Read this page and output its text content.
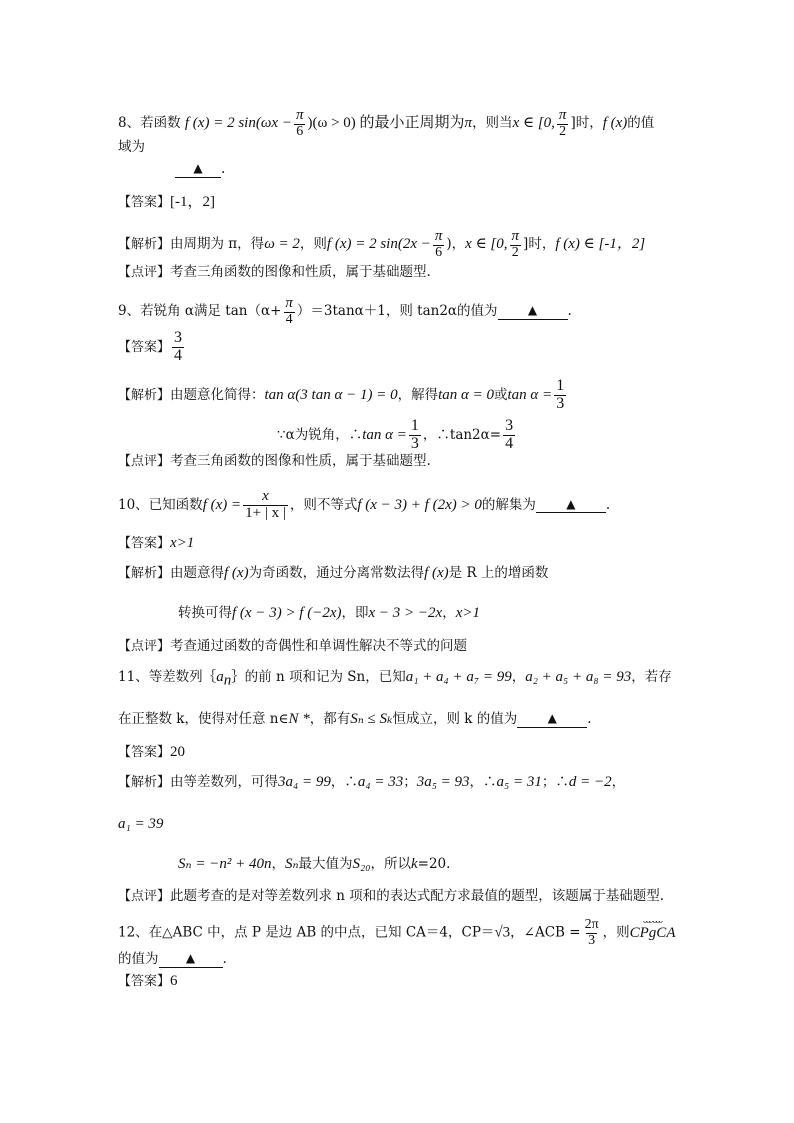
8、若函数 f (x) = 2 $\sin(\omega x - \frac{\pi}{6} )(\omega > 0)$ 的最小正周期为π，则当x ∈ [0, $\frac{\pi}{2}$ ]时，f (x)的值
域为
▲ .
【答案】[-1，2]
【解析】由周期为 π，得ω = 2，则f (x) = 2 $\sin(2x - \frac{\pi}{6}$ )，x ∈ [0, $\frac{\pi}{2}$ ]时，f (x) ∈ [-1，2]
【点评】考查三角函数的图像和性质，属于基础题型.
9、若锐角 α满足 $\tan(\alpha+ \frac{\pi}{4} )=3\tan\alpha+1$，则 tan2α的值为	▲ .
【答案】 $\frac{3}{4}$
【解析】由题意化简得：tan α(3 tan α − 1) = 0，解得tan α = 0或$\tan \alpha = \frac{1}{3}$
∵α为锐角，∴tan $\alpha = \frac{1}{3}$ ，∴tan2α= $\frac{3}{4}$
【点评】考查三角函数的图像和性质，属于基础题型.
10、已知函数f $(x) = \frac{x}{1+ | x |}$ ，则不等式f (x − 3) + f (2x) > 0的解集为	▲ .
【答案】x>1
【解析】由题意得f (x)为奇函数，通过分离常数法得f (x)是 R 上的增函数
转换可得f (x − 3) > f (−2x)，即x − 3 > −2x，x>1
【点评】考查通过函数的奇偶性和单调性解决不等式的问题
11、等差数列$\{a_n\}$的前 n 项和记为 Sn，已知a₁ + a₄ + a₇ = 99，a₂ + a₅ + a₈ = 93，若存
在正整数 k，使得对任意 n∈N *，都有Sₙ ≤ Sₖ恒成立，则 k 的值为	▲ .
【答案】20
【解析】由等差数列，可得3a₄ = 99，∴a₄ = 33；3a₅ = 93，∴a₅ = 31；∴d = −2，
a₁ = 39
Sₙ = −n² + 40n，Sₙ最大值为S₂₀，所以k=20.
【点评】此题考查的是对等差数列求 n 项和的表达式配方求最值的题型，该题属于基础题型.
12、在△ABC 中，点 P 是边 AB 的中点，已知 CA＝4，CP＝√3，∠ACB = $\frac{2\pi}{3}$ ，则
ᴗᴗᴗ ᴗᴗᴗ
CPgCA
的值为 ▲ .
【答案】6
